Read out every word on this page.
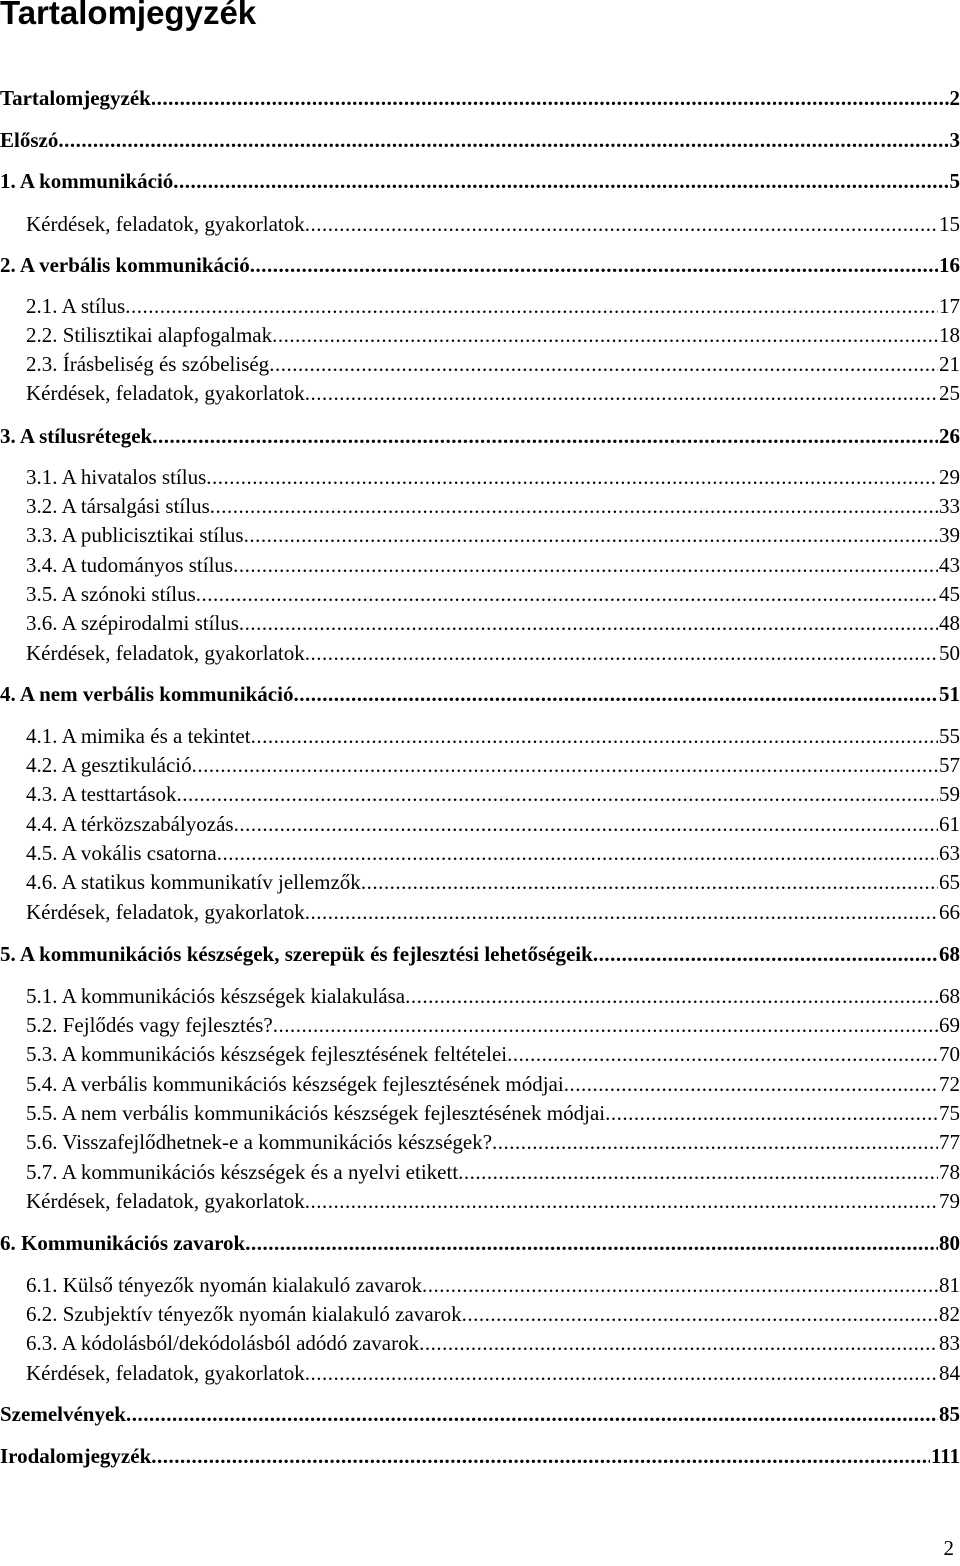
Tartalomjegyzék
Tartalomjegyzék .....	2
Előszó .....	3
1. A kommunikáció .....	5
Kérdések, feladatok, gyakorlatok .....	15
2. A verbális kommunikáció .....	16
2.1. A stílus .....	17
2.2. Stilisztikai alapfogalmak .....	18
2.3. Írásbeliség és szóbeliség .....	21
Kérdések, feladatok, gyakorlatok .....	25
3. A stílusrétegek .....	26
3.1. A hivatalos stílus .....	29
3.2. A társalgási stílus .....	33
3.3. A publicisztikai stílus .....	39
3.4. A tudományos stílus .....	43
3.5. A szónoki stílus .....	45
3.6. A szépirodalmi stílus .....	48
Kérdések, feladatok, gyakorlatok .....	50
4. A nem verbális kommunikáció .....	51
4.1. A mimika és a tekintet .....	55
4.2. A gesztikuláció .....	57
4.3. A testtartások .....	59
4.4. A térközszabályozás .....	61
4.5. A vokális csatorna .....	63
4.6. A statikus kommunikatív jellemzők .....	65
Kérdések, feladatok, gyakorlatok .....	66
5. A kommunikációs készségek, szerepük és fejlesztési lehetőségeik .....	68
5.1. A kommunikációs készségek kialakulása .....	68
5.2. Fejlődés vagy fejlesztés? .....	69
5.3. A kommunikációs készségek fejlesztésének feltételei .....	70
5.4. A verbális kommunikációs készségek fejlesztésének módjai .....	72
5.5. A nem verbális kommunikációs készségek fejlesztésének módjai .....	75
5.6. Visszafejlődhetnek-e a kommunikációs készségek? .....	77
5.7. A kommunikációs készségek és a nyelvi etikett .....	78
Kérdések, feladatok, gyakorlatok .....	79
6. Kommunikációs zavarok .....	80
6.1. Külső tényezők nyomán kialakuló zavarok .....	81
6.2. Szubjektív tényezők nyomán kialakuló zavarok .....	82
6.3. A kódolásból/dekódolásból adódó zavarok .....	83
Kérdések, feladatok, gyakorlatok .....	84
Szemelvények .....	85
Irodalomjegyzék .....	111
2
